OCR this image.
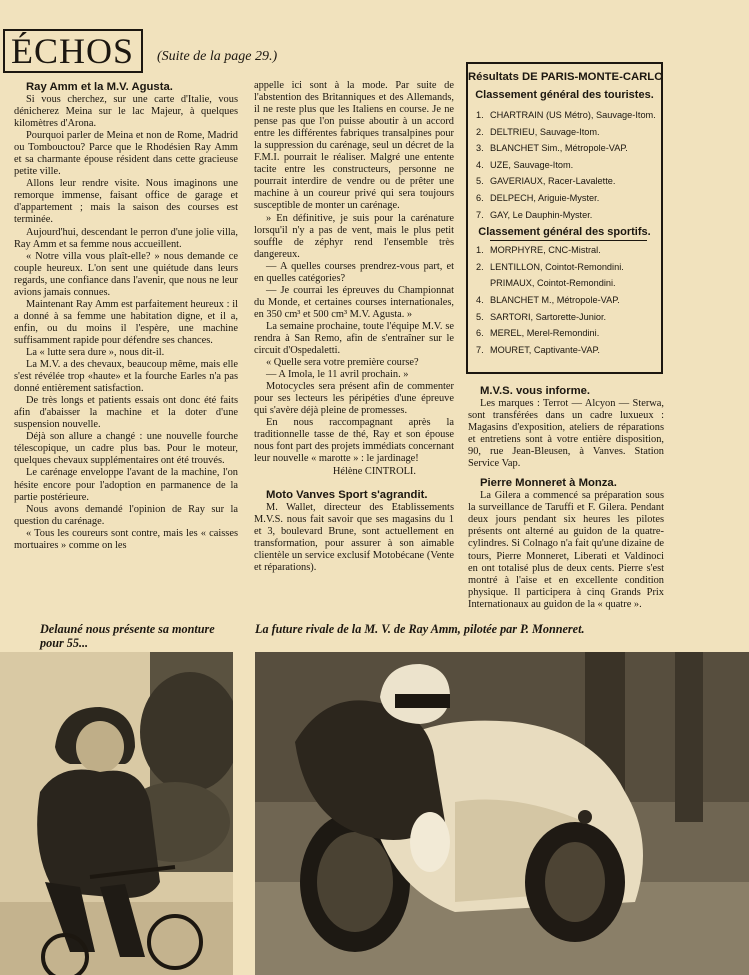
ÉCHOS	(Suite de la page 29.)

Ray Amm et la M.V. Agusta.

Si vous cherchez, sur une carte d'Italie, vous dénicherez Meina sur le lac Majeur, à quelques kilomètres d'Arona.

Pourquoi parler de Meina et non de Rome, Madrid ou Tombouctou? Parce que le Rhodésien Ray Amm et sa charmante épouse résident dans cette gracieuse petite ville.

Allons leur rendre visite. Nous imaginons une remorque immense, faisant office de garage et d'appartement ; mais la saison des courses est terminée.

Aujourd'hui, descendant le perron d'une jolie villa, Ray Amm et sa femme nous accueillent.

« Notre villa vous plaît-elle? » nous demande ce couple heureux. L'on sent une quiétude dans leurs regards, une confiance dans l'avenir, que nous ne leur avions jamais connues.

Maintenant Ray Amm est parfaitement heureux : il a donné à sa femme une habitation digne, et il a, enfin, ou du moins il l'espère, une machine suffisamment rapide pour défendre ses chances.

La « lutte sera dure », nous dit-il.

La M.V. a des chevaux, beaucoup même, mais elle s'est révélée trop «haute» et la fourche Earles n'a pas donné entièrement satisfaction.

De très longs et patients essais ont donc été faits afin d'abaisser la machine et la doter d'une suspension nouvelle.

Déjà son allure a changé : une nouvelle fourche télescopique, un cadre plus bas. Pour le moteur, quelques chevaux supplémentaires ont été trouvés.

Le carénage enveloppe l'avant de la machine, l'on hésite encore pour l'adoption en parmanence de la partie postérieure.

Nous avons demandé l'opinion de Ray sur la question du carénage.

« Tous les coureurs sont contre, mais les « caisses mortuaires » comme on les

appelle ici sont à la mode. Par suite de l'abstention des Britanniques et des Allemands, il ne reste plus que les Italiens en course. Je ne pense pas que l'on puisse aboutir à un accord entre les différentes fabriques transalpines pour la suppression du carénage, seul un décret de la F.M.I. pourrait le réaliser. Malgré une entente tacite entre les constructeurs, personne ne pourrait interdire de vendre ou de prêter une machine à un coureur privé qui sera toujours susceptible de monter un carénage.

» En définitive, je suis pour la carénature lorsqu'il n'y a pas de vent, mais le plus petit souffle de zéphyr rend l'ensemble très dangereux.

— A quelles courses prendrez-vous part, et en quelles catégories?

— Je courrai les épreuves du Championnat du Monde, et certaines courses internationales, en 350 cm³ et 500 cm³ M.V. Agusta. »

La semaine prochaine, toute l'équipe M.V. se rendra à San Remo, afin de s'entraîner sur le circuit d'Ospedaletti.

« Quelle sera votre première course?

— A Imola, le 11 avril prochain. »

Motocycles sera présent afin de commenter pour ses lecteurs les péripéties d'une épreuve qui s'avère déjà pleine de promesses.

En nous raccompagnant après la traditionnelle tasse de thé, Ray et son épouse nous font part des projets immédiats concernant leur nouvelle « marotte » : le jardinage!

Hélène CINTROLI.

Moto Vanves Sport s'agrandit.

M. Wallet, directeur des Etablissements M.V.S. nous fait savoir que ses magasins du 1 et 3, boulevard Brune, sont actuellement en transformation, pour assurer à son aimable clientèle un service exclusif Motobécane (Vente et réparations).

Résultats DE PARIS-MONTE-CARLO
Classement général des touristes.
1. CHARTRAIN (US Métro), Sauvage-Itom.
2. DELTRIEU, Sauvage-Itom.
3. BLANCHET Sim., Métropole-VAP.
4. UZE, Sauvage-Itom.
5. GAVERIAUX, Racer-Lavalette.
6. DELPECH, Ariguie-Myster.
7. GAY, Le Dauphin-Myster.
Classement général des sportifs.
1. MORPHYRE, CNC-Mistral.
2. LENTILLON, Cointot-Remondini.
PRIMAUX, Cointot-Remondini.
4. BLANCHET M., Métropole-VAP.
5. SARTORI, Sartorette-Junior.
6. MEREL, Merel-Remondini.
7. MOURET, Captivante-VAP.

M.V.S. vous informe.

Les marques : Terrot — Alcyon — Sterwa, sont transférées dans un cadre luxueux : Magasins d'exposition, ateliers de réparations et entretiens sont à votre entière disposition, 90, rue Jean-Bleusen, à Vanves. Station Service Vap.

Pierre Monneret à Monza.

La Gilera a commencé sa préparation sous la surveillance de Taruffi et F. Gilera. Pendant deux jours pendant six heures les pilotes présents ont alterné au guidon de la quatre-cylindres. Si Colnago n'a fait qu'une dizaine de tours, Pierre Monneret, Liberati et Valdinoci en ont totalisé plus de deux cents. Pierre s'est montré à l'aise et en excellente condition physique. Il participera à cinq Grands Prix Internationaux au guidon de la « quatre ».

Delauné nous présente sa monture pour 55...
La future rivale de la M. V. de Ray Amm, pilotée par P. Monneret.
